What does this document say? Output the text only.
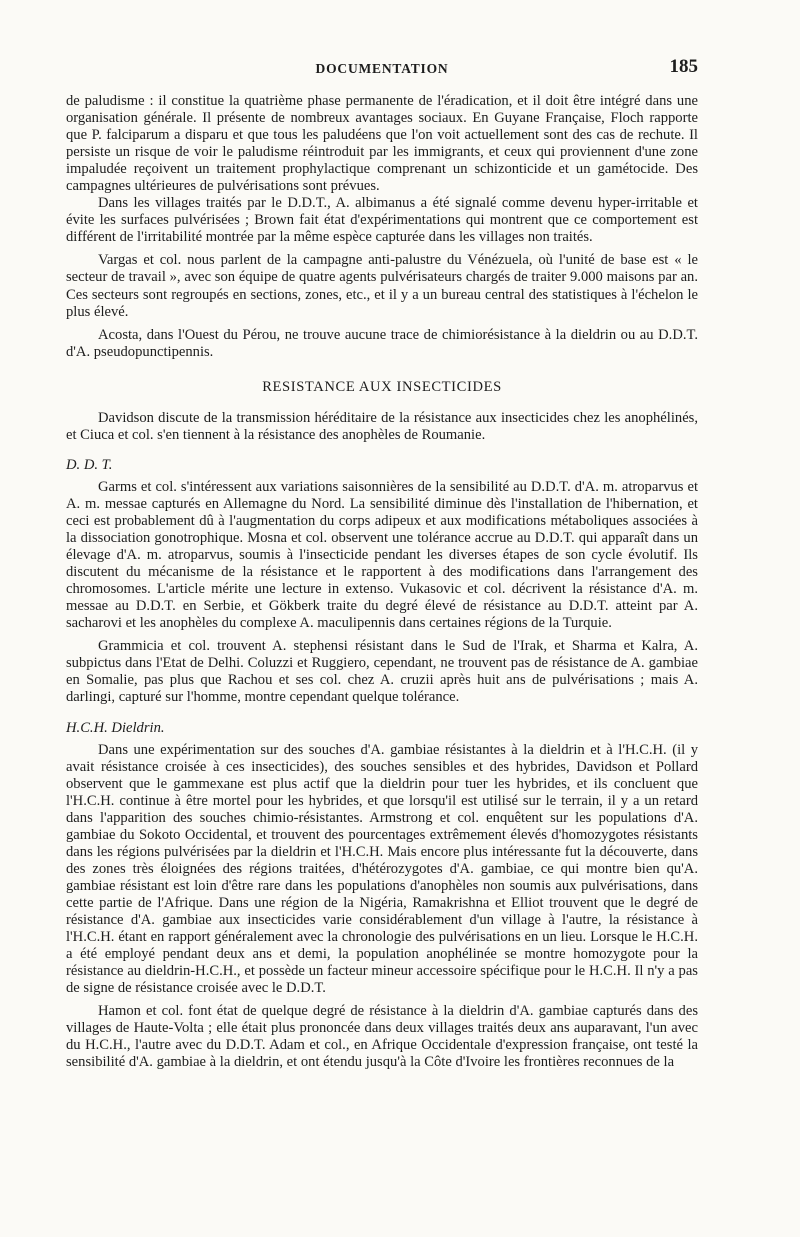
DOCUMENTATION	185

de paludisme : il constitue la quatrième phase permanente de l'éradication, et il doit être intégré dans une organisation générale. Il présente de nombreux avantages sociaux. En Guyane Française, Floch rapporte que P. falciparum a disparu et que tous les paludéens que l'on voit actuellement sont des cas de rechute. Il persiste un risque de voir le paludisme réintroduit par les immigrants, et ceux qui proviennent d'une zone impaludée reçoivent un traitement prophylactique comprenant un schizonticide et un gamétocide. Des campagnes ultérieures de pulvérisations sont prévues.

Dans les villages traités par le D.D.T., A. albimanus a été signalé comme devenu hyper-irritable et évite les surfaces pulvérisées ; Brown fait état d'expérimentations qui montrent que ce comportement est différent de l'irritabilité montrée par la même espèce capturée dans les villages non traités.

Vargas et col. nous parlent de la campagne anti-palustre du Vénézuela, où l'unité de base est « le secteur de travail », avec son équipe de quatre agents pulvérisateurs chargés de traiter 9.000 maisons par an. Ces secteurs sont regroupés en sections, zones, etc., et il y a un bureau central des statistiques à l'échelon le plus élevé.

Acosta, dans l'Ouest du Pérou, ne trouve aucune trace de chimiorésistance à la dieldrin ou au D.D.T. d'A. pseudopunctipennis.

RESISTANCE AUX INSECTICIDES

Davidson discute de la transmission héréditaire de la résistance aux insecticides chez les anophélinés, et Ciuca et col. s'en tiennent à la résistance des anophèles de Roumanie.

D. D. T.

Garms et col. s'intéressent aux variations saisonnières de la sensibilité au D.D.T. d'A. m. atroparvus et A. m. messae capturés en Allemagne du Nord. La sensibilité diminue dès l'installation de l'hibernation, et ceci est probablement dû à l'augmentation du corps adipeux et aux modifications métaboliques associées à la dissociation gonotrophique. Mosna et col. observent une tolérance accrue au D.D.T. qui apparaît dans un élevage d'A. m. atroparvus, soumis à l'insecticide pendant les diverses étapes de son cycle évolutif. Ils discutent du mécanisme de la résistance et le rapportent à des modifications dans l'arrangement des chromosomes. L'article mérite une lecture in extenso. Vukasovic et col. décrivent la résistance d'A. m. messae au D.D.T. en Serbie, et Gökberk traite du degré élevé de résistance au D.D.T. atteint par A. sacharovi et les anophèles du complexe A. maculipennis dans certaines régions de la Turquie.

Grammicia et col. trouvent A. stephensi résistant dans le Sud de l'Irak, et Sharma et Kalra, A. subpictus dans l'Etat de Delhi. Coluzzi et Ruggiero, cependant, ne trouvent pas de résistance de A. gambiae en Somalie, pas plus que Rachou et ses col. chez A. cruzii après huit ans de pulvérisations ; mais A. darlingi, capturé sur l'homme, montre cependant quelque tolérance.

H.C.H. Dieldrin.

Dans une expérimentation sur des souches d'A. gambiae résistantes à la dieldrin et à l'H.C.H. (il y avait résistance croisée à ces insecticides), des souches sensibles et des hybrides, Davidson et Pollard observent que le gammexane est plus actif que la dieldrin pour tuer les hybrides, et ils concluent que l'H.C.H. continue à être mortel pour les hybrides, et que lorsqu'il est utilisé sur le terrain, il y a un retard dans l'apparition des souches chimio-résistantes. Armstrong et col. enquêtent sur les populations d'A. gambiae du Sokoto Occidental, et trouvent des pourcentages extrêmement élevés d'homozygotes résistants dans les régions pulvérisées par la dieldrin et l'H.C.H. Mais encore plus intéressante fut la découverte, dans des zones très éloignées des régions traitées, d'hétérozygotes d'A. gambiae, ce qui montre bien qu'A. gambiae résistant est loin d'être rare dans les populations d'anophèles non soumis aux pulvérisations, dans cette partie de l'Afrique. Dans une région de la Nigéria, Ramakrishna et Elliot trouvent que le degré de résistance d'A. gambiae aux insecticides varie considérablement d'un village à l'autre, la résistance à l'H.C.H. étant en rapport généralement avec la chronologie des pulvérisations en un lieu. Lorsque le H.C.H. a été employé pendant deux ans et demi, la population anophélinée se montre homozygote pour la résistance au dieldrin-H.C.H., et possède un facteur mineur accessoire spécifique pour le H.C.H. Il n'y a pas de signe de résistance croisée avec le D.D.T.

Hamon et col. font état de quelque degré de résistance à la dieldrin d'A. gambiae capturés dans des villages de Haute-Volta ; elle était plus prononcée dans deux villages traités deux ans auparavant, l'un avec du H.C.H., l'autre avec du D.D.T. Adam et col., en Afrique Occidentale d'expression française, ont testé la sensibilité d'A. gambiae à la dieldrin, et ont étendu jusqu'à la Côte d'Ivoire les frontières reconnues de la
